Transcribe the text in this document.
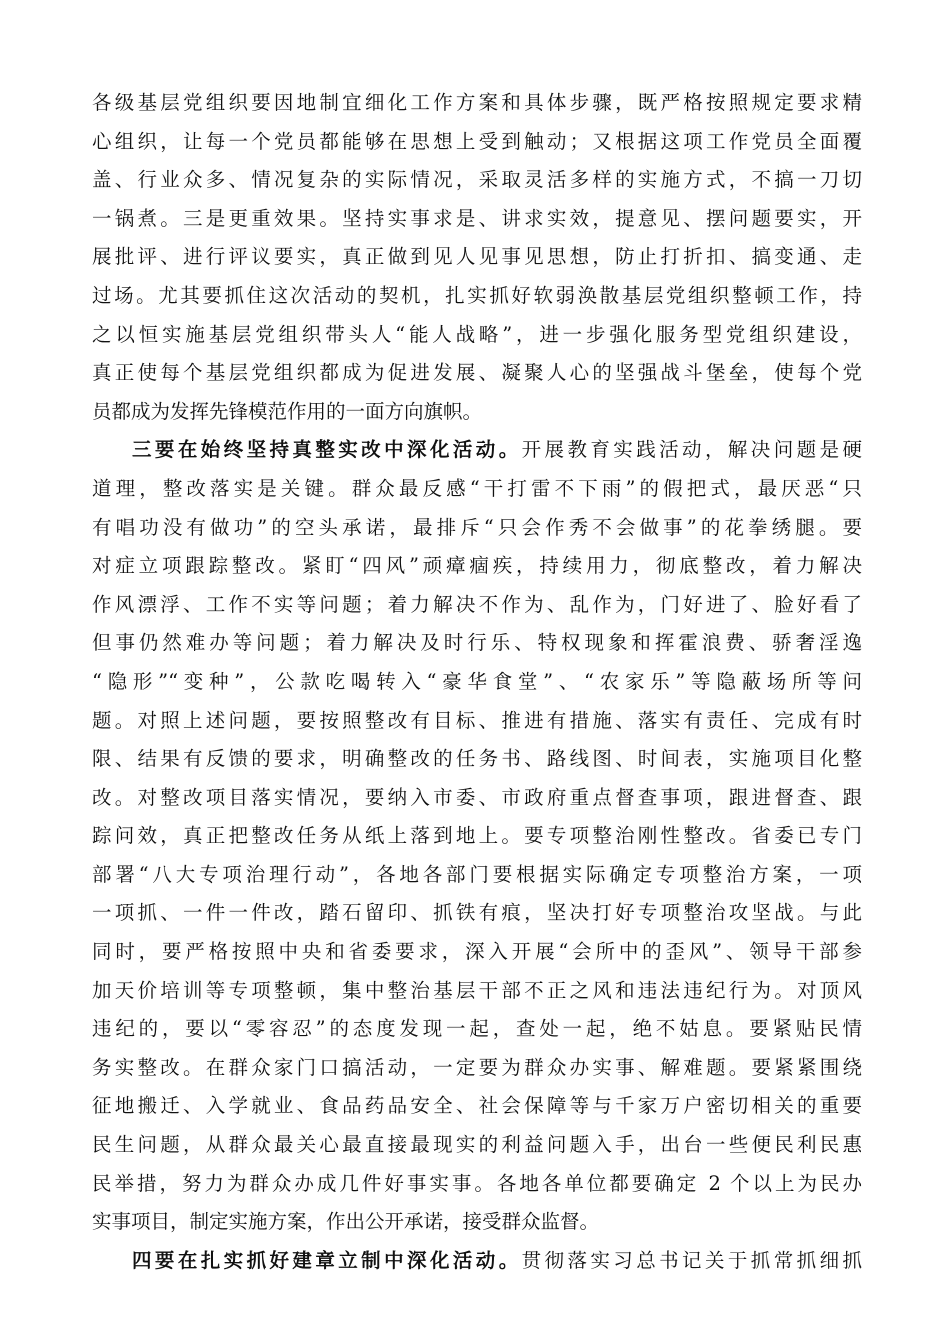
各级基层党组织要因地制宜细化工作方案和具体步骤，既严格按照规定要求精
心组织，让每一个党员都能够在思想上受到触动；又根据这项工作党员全面覆
盖、行业众多、情况复杂的实际情况，采取灵活多样的实施方式，不搞一刀切
一锅煮。三是更重效果。坚持实事求是、讲求实效，提意见、摆问题要实，开
展批评、进行评议要实，真正做到见人见事见思想，防止打折扣、搞变通、走
过场。尤其要抓住这次活动的契机，扎实抓好软弱涣散基层党组织整顿工作，持
之以恒实施基层党组织带头人“能人战略”，进一步强化服务型党组织建设，
真正使每个基层党组织都成为促进发展、凝聚人心的坚强战斗堡垒，使每个党
员都成为发挥先锋模范作用的一面方向旗帜。
三要在始终坚持真整实改中深化活动。开展教育实践活动，解决问题是硬
道理，整改落实是关键。群众最反感“干打雷不下雨”的假把式，最厌恶“只
有唱功没有做功”的空头承诺，最排斥“只会作秀不会做事”的花拳绣腿。要
对症立项跟踪整改。紧盯“四风”顽瘴痼疾，持续用力，彻底整改，着力解决
作风漂浮、工作不实等问题；着力解决不作为、乱作为，门好进了、脸好看了
但事仍然难办等问题；着力解决及时行乐、特权现象和挥霍浪费、骄奢淫逸
“隐形”“变种”，公款吃喝转入“豪华食堂”、“农家乐”等隐蔽场所等问
题。对照上述问题，要按照整改有目标、推进有措施、落实有责任、完成有时
限、结果有反馈的要求，明确整改的任务书、路线图、时间表，实施项目化整
改。对整改项目落实情况，要纳入市委、市政府重点督查事项，跟进督查、跟
踪问效，真正把整改任务从纸上落到地上。要专项整治刚性整改。省委已专门
部署“八大专项治理行动”，各地各部门要根据实际确定专项整治方案，一项
一项抓、一件一件改，踏石留印、抓铁有痕，坚决打好专项整治攻坚战。与此
同时，要严格按照中央和省委要求，深入开展“会所中的歪风”、领导干部参
加天价培训等专项整顿，集中整治基层干部不正之风和违法违纪行为。对顶风
违纪的，要以“零容忍”的态度发现一起，查处一起，绝不姑息。要紧贴民情
务实整改。在群众家门口搞活动，一定要为群众办实事、解难题。要紧紧围绕
征地搬迁、入学就业、食品药品安全、社会保障等与千家万户密切相关的重要
民生问题，从群众最关心最直接最现实的利益问题入手，出台一些便民利民惠
民举措，努力为群众办成几件好事实事。各地各单位都要确定 2 个以上为民办
实事项目，制定实施方案，作出公开承诺，接受群众监督。
四要在扎实抓好建章立制中深化活动。贯彻落实习总书记关于抓常抓细抓
